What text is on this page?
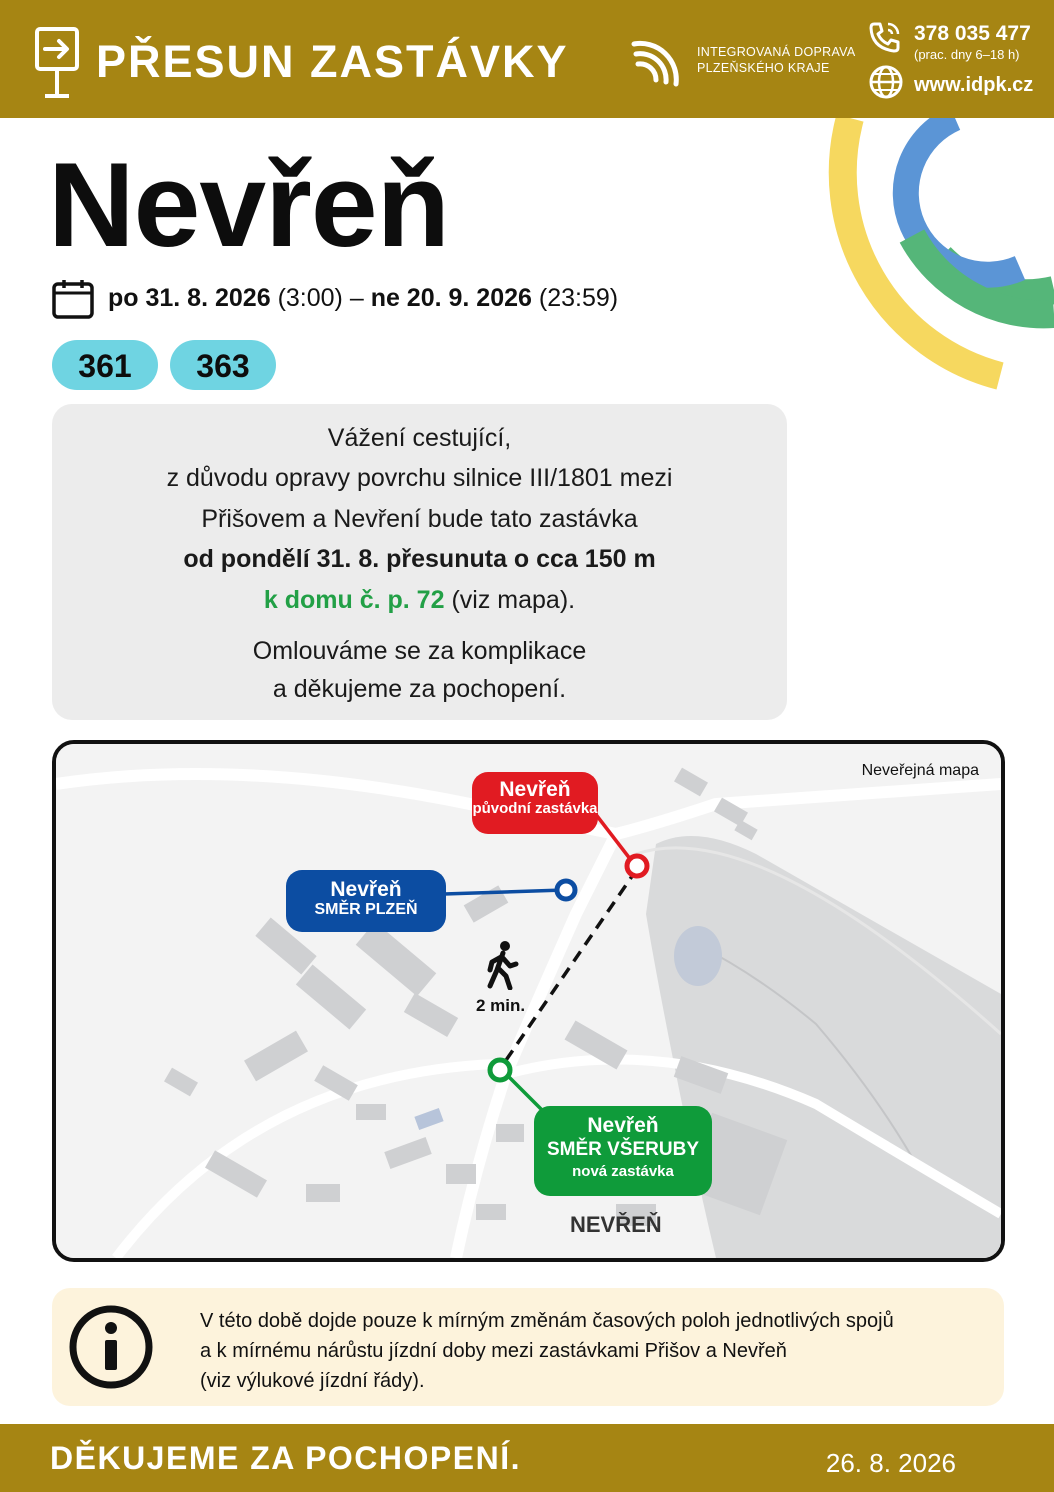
PŘESUN ZASTÁVKY	INTEGROVANÁ DOPRAVA
PLZEŇSKÉHO KRAJE
378 035 477
(prac. dny 6–18 h)
www.idpk.cz
Nevřeň
po 31. 8. 2026 (3:00) – ne 20. 9. 2026 (23:59)
361	363

Vážení cestující,

z důvodu opravy povrchu silnice III/1801 mezi

Přišovem a Nevření bude tato zastávka

od pondělí 31. 8. přesunuta o cca 150 m

k domu č. p. 72 (viz mapa).

Omlouváme se za komplikace

a děkujeme za pochopení.

Neveřejná mapa
Nevřeň
původní zastávka
Nevřeň
SMĚR PLZEŇ
Nevřeň
SMĚR VŠERUBY
nová zastávka
2 min.
NEVŘEŇ
V této době dojde pouze k mírným změnám časových poloh jednotlivých spojů
a k mírnému nárůstu jízdní doby mezi zastávkami Přišov a Nevřeň
(viz výlukové jízdní řády).
DĚKUJEME ZA POCHOPENÍ.	26. 8. 2026
